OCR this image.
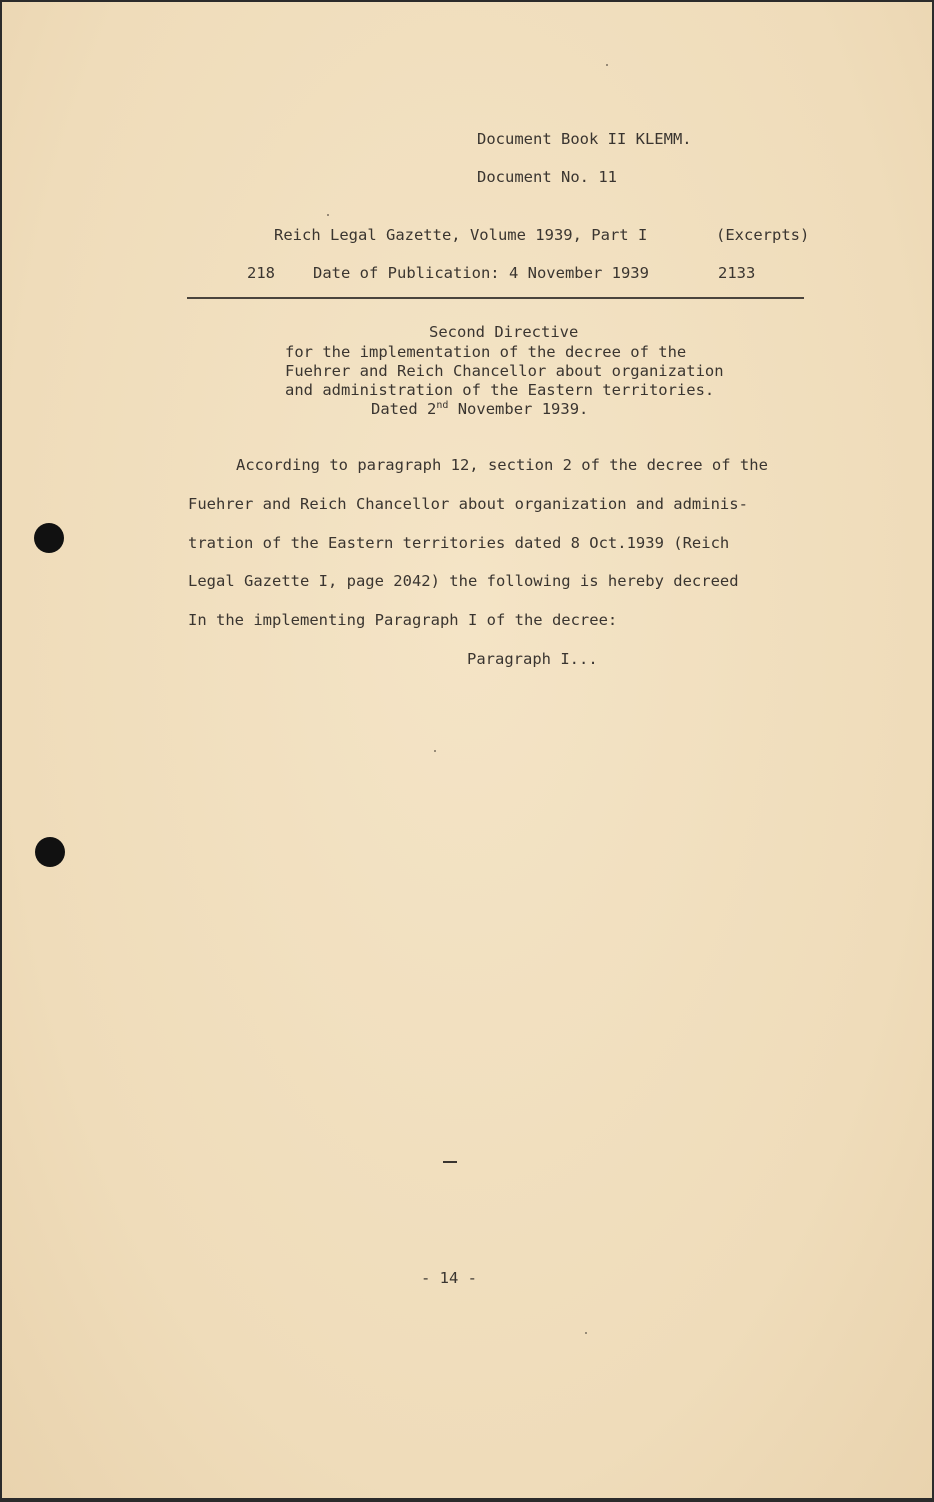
Document Book II KLEMM.
Document No. 11
Reich Legal Gazette, Volume 1939, Part I	(Excerpts)
218 Date of Publication: 4 November 1939	2133
Second Directive
for the implementation of the decree of the
Fuehrer and Reich Chancellor about organization
and administration of the Eastern territories.
Dated 2nd November 1939.
According to paragraph 12, section 2 of the decree of the
Fuehrer and Reich Chancellor about organization and adminis-
tration of the Eastern territories dated 8 Oct.1939 (Reich
Legal Gazette I, page 2042) the following is hereby decreed
In the implementing Paragraph I of the decree:
Paragraph I...
- 14 -
